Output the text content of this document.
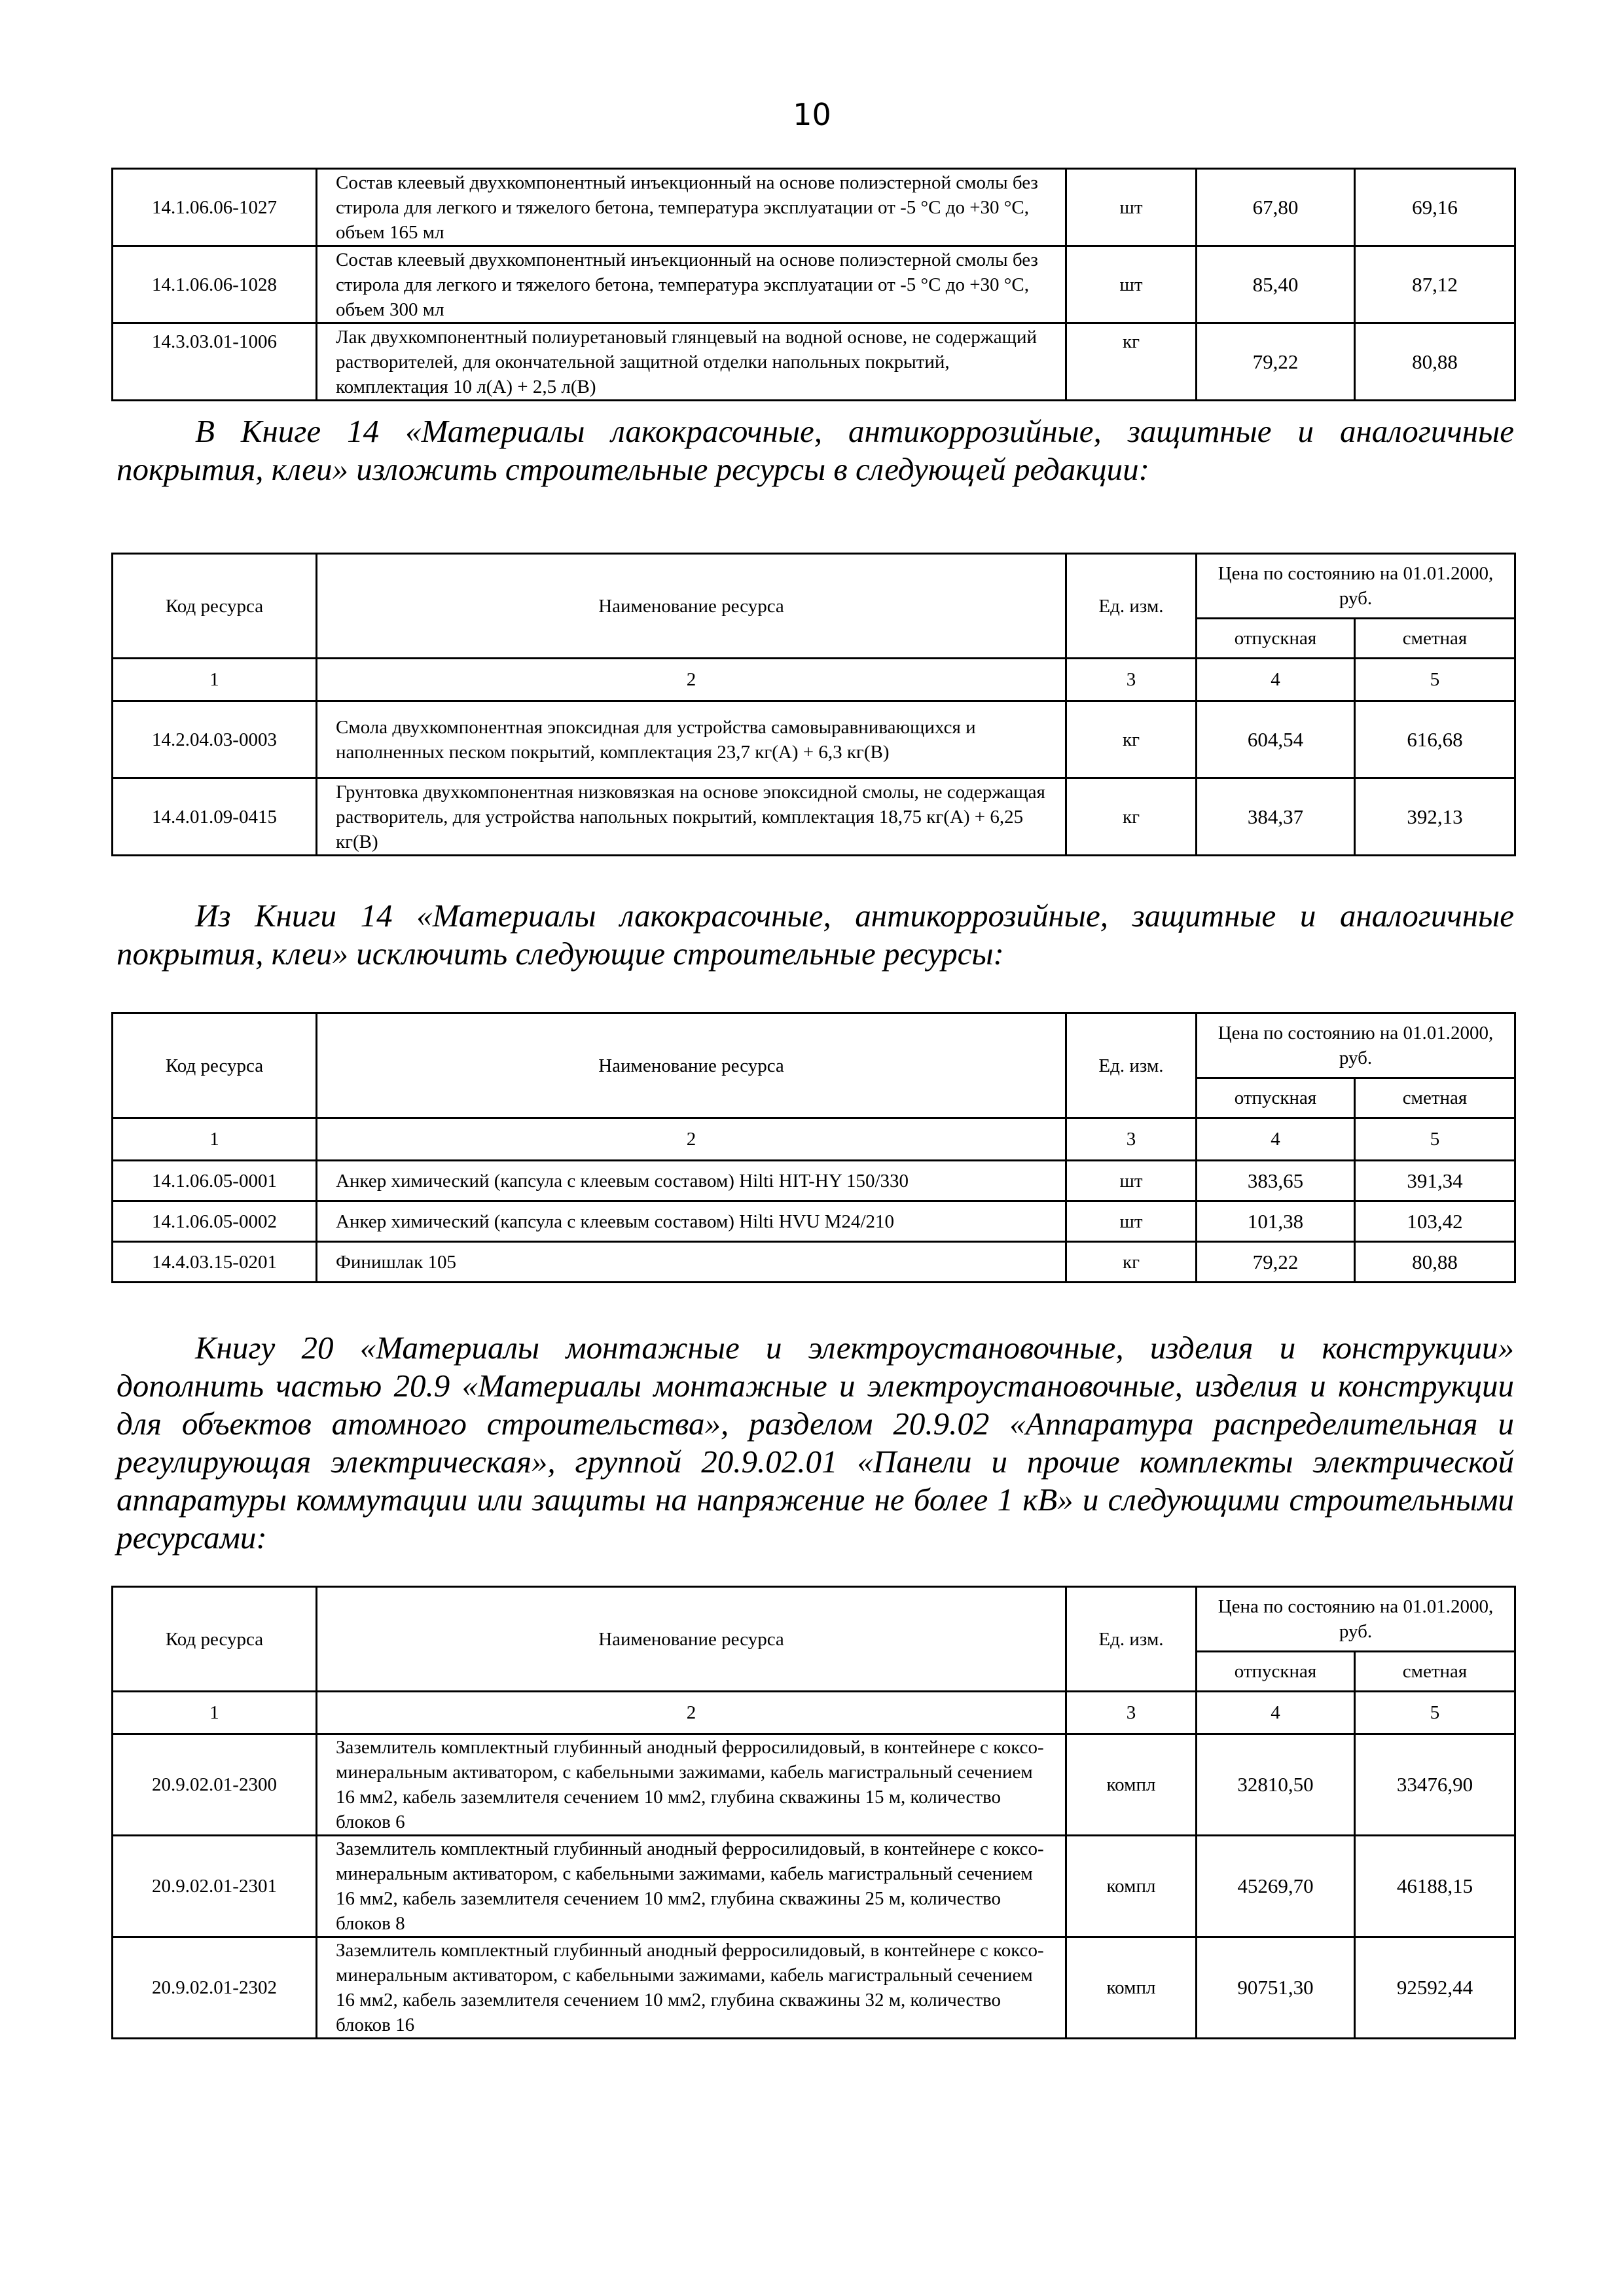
10
14.1.06.06-1027	Состав клеевый двухкомпонентный инъекционный на основе полиэстерной смолы без стирола для легкого и тяжелого бетона, температура эксплуатации от -5 °С до +30 °С, объем 165 мл	шт	67,80	69,16
14.1.06.06-1028	Состав клеевый двухкомпонентный инъекционный на основе полиэстерной смолы без стирола для легкого и тяжелого бетона, температура эксплуатации от -5 °С до +30 °С, объем 300 мл	шт	85,40	87,12
14.3.03.01-1006	Лак двухкомпонентный полиуретановый глянцевый на водной основе, не содержащий растворителей, для окончательной защитной отделки напольных покрытий, комплектация 10 л(А) + 2,5 л(В)	кг	79,22	80,88

В Книге 14 «Материалы лакокрасочные, антикоррозийные, защитные и аналогичные покрытия, клеи» изложить строительные ресурсы в следующей редакции:

Код ресурса	Наименование ресурса	Ед. изм.	Цена по состоянию на 01.01.2000, руб.	
			отпускная	сметная
1	2	3	4	5
14.2.04.03-0003	Смола двухкомпонентная эпоксидная для устройства самовыравнивающихся и наполненных песком покрытий, комплектация 23,7 кг(А) + 6,3 кг(В)	кг	604,54	616,68
14.4.01.09-0415	Грунтовка двухкомпонентная низковязкая на основе эпоксидной смолы, не содержащая растворитель, для устройства напольных покрытий, комплектация 18,75 кг(А) + 6,25 кг(В)	кг	384,37	392,13

Из Книги 14 «Материалы лакокрасочные, антикоррозийные, защитные и аналогичные покрытия, клеи» исключить следующие строительные ресурсы:

Код ресурса	Наименование ресурса	Ед. изм.	Цена по состоянию на 01.01.2000, руб.	
			отпускная	сметная
1	2	3	4	5
14.1.06.05-0001	Анкер химический (капсула с клеевым составом) Hilti HIT-HY 150/330	шт	383,65	391,34
14.1.06.05-0002	Анкер химический (капсула с клеевым составом) Hilti HVU M24/210	шт	101,38	103,42
14.4.03.15-0201	Финишлак 105	кг	79,22	80,88

Книгу 20 «Материалы монтажные и электроустановочные, изделия и конструкции» дополнить частью 20.9 «Материалы монтажные и электроустановочные, изделия и конструкции для объектов атомного строительства», разделом 20.9.02 «Аппаратура распределительная и регулирующая электрическая», группой 20.9.02.01 «Панели и прочие комплекты электрической аппаратуры коммутации или защиты на напряжение не более 1 кВ» и следующими строительными ресурсами:

Код ресурса	Наименование ресурса	Ед. изм.	Цена по состоянию на 01.01.2000, руб.	
			отпускная	сметная
1	2	3	4	5
20.9.02.01-2300	Заземлитель комплектный глубинный анодный ферросилидовый, в контейнере с коксо-минеральным активатором, с кабельными зажимами, кабель магистральный сечением 16 мм2, кабель заземлителя сечением 10 мм2, глубина скважины 15 м, количество блоков 6	компл	32810,50	33476,90
20.9.02.01-2301	Заземлитель комплектный глубинный анодный ферросилидовый, в контейнере с коксо-минеральным активатором, с кабельными зажимами, кабель магистральный сечением 16 мм2, кабель заземлителя сечением 10 мм2, глубина скважины 25 м, количество блоков 8	компл	45269,70	46188,15
20.9.02.01-2302	Заземлитель комплектный глубинный анодный ферросилидовый, в контейнере с коксо-минеральным активатором, с кабельными зажимами, кабель магистральный сечением 16 мм2, кабель заземлителя сечением 10 мм2, глубина скважины 32 м, количество блоков 16	компл	90751,30	92592,44
